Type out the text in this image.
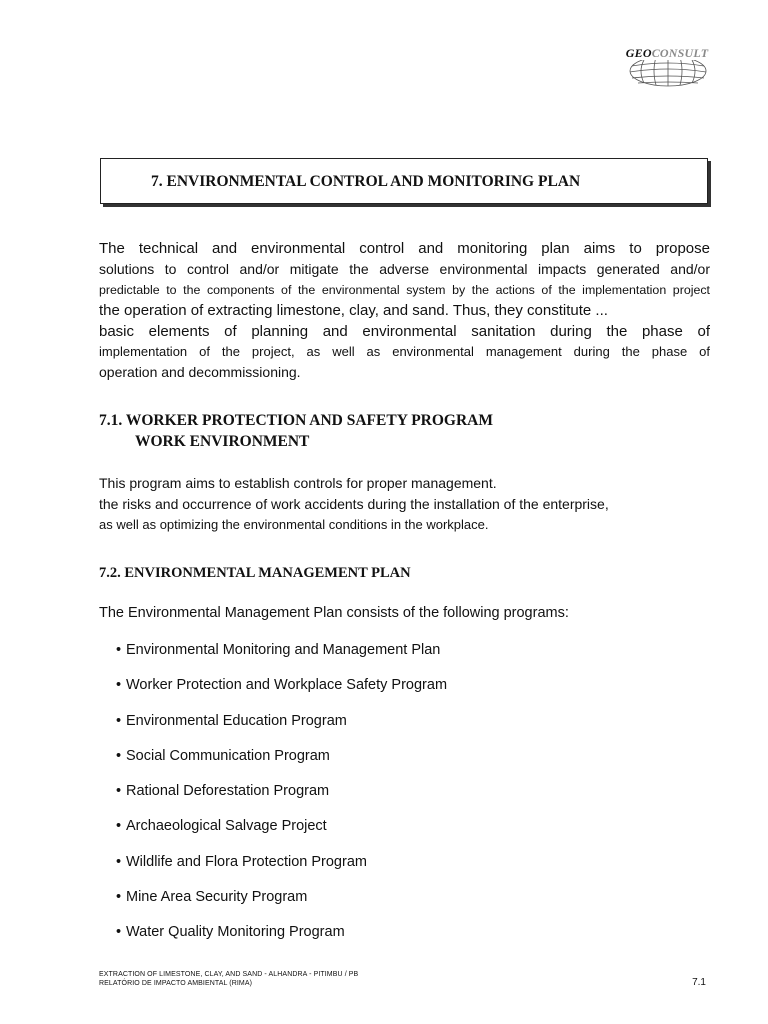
GEOCONSULT
7. ENVIRONMENTAL CONTROL AND MONITORING PLAN
The technical and environmental control and monitoring plan aims to propose
solutions to control and/or mitigate the adverse environmental impacts generated and/or
predictable to the components of the environmental system by the actions of the implementation project
the operation of extracting limestone, clay, and sand. Thus, they constitute ...
basic elements of planning and environmental sanitation during the phase of
implementation of the project, as well as environmental management during the phase of
operation and decommissioning.
7.1. WORKER PROTECTION AND SAFETY PROGRAM
WORK ENVIRONMENT
This program aims to establish controls for proper management.
the risks and occurrence of work accidents during the installation of the enterprise,
as well as optimizing the environmental conditions in the workplace.
7.2. ENVIRONMENTAL MANAGEMENT PLAN
The Environmental Management Plan consists of the following programs:
• Environmental Monitoring and Management Plan
• Worker Protection and Workplace Safety Program
• Environmental Education Program
• Social Communication Program
• Rational Deforestation Program
• Archaeological Salvage Project
• Wildlife and Flora Protection Program
• Mine Area Security Program
• Water Quality Monitoring Program
EXTRACTION OF LIMESTONE, CLAY, AND SAND - ALHANDRA - PITIMBU / PB
RELATÓRIO DE IMPACTO AMBIENTAL (RIMA)	7.1
